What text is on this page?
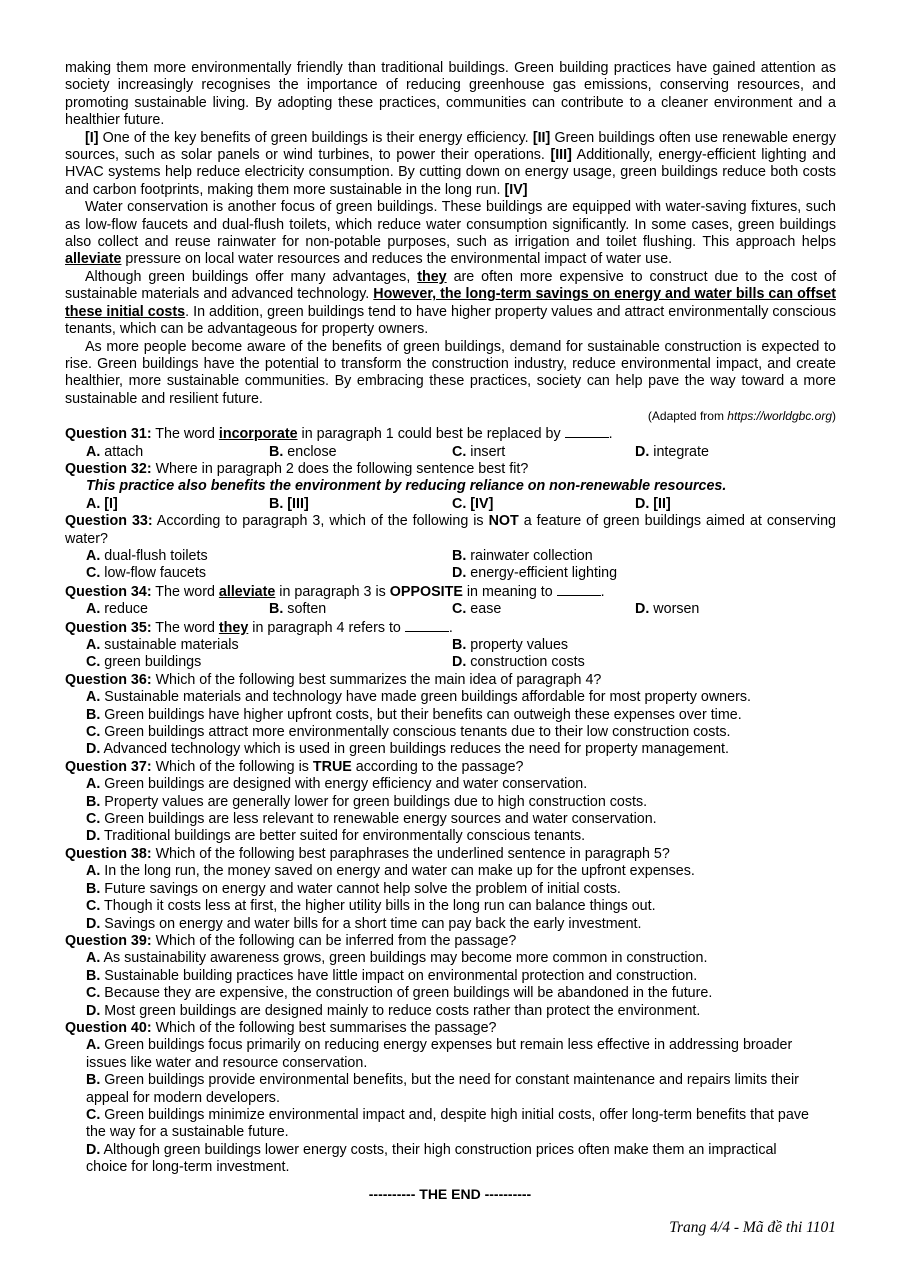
making them more environmentally friendly than traditional buildings. Green building practices have gained attention as society increasingly recognises the importance of reducing greenhouse gas emissions, conserving resources, and promoting sustainable living. By adopting these practices, communities can contribute to a cleaner environment and a healthier future.

[I] One of the key benefits of green buildings is their energy efficiency. [II] Green buildings often use renewable energy sources, such as solar panels or wind turbines, to power their operations. [III] Additionally, energy-efficient lighting and HVAC systems help reduce electricity consumption. By cutting down on energy usage, green buildings reduce both costs and carbon footprints, making them more sustainable in the long run. [IV]

Water conservation is another focus of green buildings. These buildings are equipped with water-saving fixtures, such as low-flow faucets and dual-flush toilets, which reduce water consumption significantly. In some cases, green buildings also collect and reuse rainwater for non-potable purposes, such as irrigation and toilet flushing. This approach helps alleviate pressure on local water resources and reduces the environmental impact of water use.

Although green buildings offer many advantages, they are often more expensive to construct due to the cost of sustainable materials and advanced technology. However, the long-term savings on energy and water bills can offset these initial costs. In addition, green buildings tend to have higher property values and attract environmentally conscious tenants, which can be advantageous for property owners.

As more people become aware of the benefits of green buildings, demand for sustainable construction is expected to rise. Green buildings have the potential to transform the construction industry, reduce environmental impact, and create healthier, more sustainable communities. By embracing these practices, society can help pave the way toward a more sustainable and resilient future.

(Adapted from https://worldgbc.org)

Question 31: The word incorporate in paragraph 1 could best be replaced by	.

A. attach	B. enclose	C. insert	D. integrate

Question 32: Where in paragraph 2 does the following sentence best fit?

This practice also benefits the environment by reducing reliance on non-renewable resources.
A. [I]	B. [III]	C. [IV]	D. [II]

Question 33: According to paragraph 3, which of the following is NOT a feature of green buildings aimed at conserving water?

A. dual-flush toilets	B. rainwater collection
C. low-flow faucets	D. energy-efficient lighting

Question 34: The word alleviate in paragraph 3 is OPPOSITE in meaning to	.

A. reduce	B. soften	C. ease	D. worsen

Question 35: The word they in paragraph 4 refers to	.

A. sustainable materials	B. property values
C. green buildings	D. construction costs

Question 36: Which of the following best summarizes the main idea of paragraph 4?

A. Sustainable materials and technology have made green buildings affordable for most property owners.
B. Green buildings have higher upfront costs, but their benefits can outweigh these expenses over time.
C. Green buildings attract more environmentally conscious tenants due to their low construction costs.
D. Advanced technology which is used in green buildings reduces the need for property management.

Question 37: Which of the following is TRUE according to the passage?

A. Green buildings are designed with energy efficiency and water conservation.
B. Property values are generally lower for green buildings due to high construction costs.
C. Green buildings are less relevant to renewable energy sources and water conservation.
D. Traditional buildings are better suited for environmentally conscious tenants.

Question 38: Which of the following best paraphrases the underlined sentence in paragraph 5?

A. In the long run, the money saved on energy and water can make up for the upfront expenses.
B. Future savings on energy and water cannot help solve the problem of initial costs.
C. Though it costs less at first, the higher utility bills in the long run can balance things out.
D. Savings on energy and water bills for a short time can pay back the early investment.

Question 39: Which of the following can be inferred from the passage?

A. As sustainability awareness grows, green buildings may become more common in construction.
B. Sustainable building practices have little impact on environmental protection and construction.
C. Because they are expensive, the construction of green buildings will be abandoned in the future.
D. Most green buildings are designed mainly to reduce costs rather than protect the environment.

Question 40: Which of the following best summarises the passage?

A. Green buildings focus primarily on reducing energy expenses but remain less effective in addressing broader issues like water and resource conservation.
B. Green buildings provide environmental benefits, but the need for constant maintenance and repairs limits their appeal for modern developers.
C. Green buildings minimize environmental impact and, despite high initial costs, offer long-term benefits that pave the way for a sustainable future.
D. Although green buildings lower energy costs, their high construction prices often make them an impractical choice for long-term investment.
---------- THE END ----------
Trang 4/4 - Mã đề thi 1101
